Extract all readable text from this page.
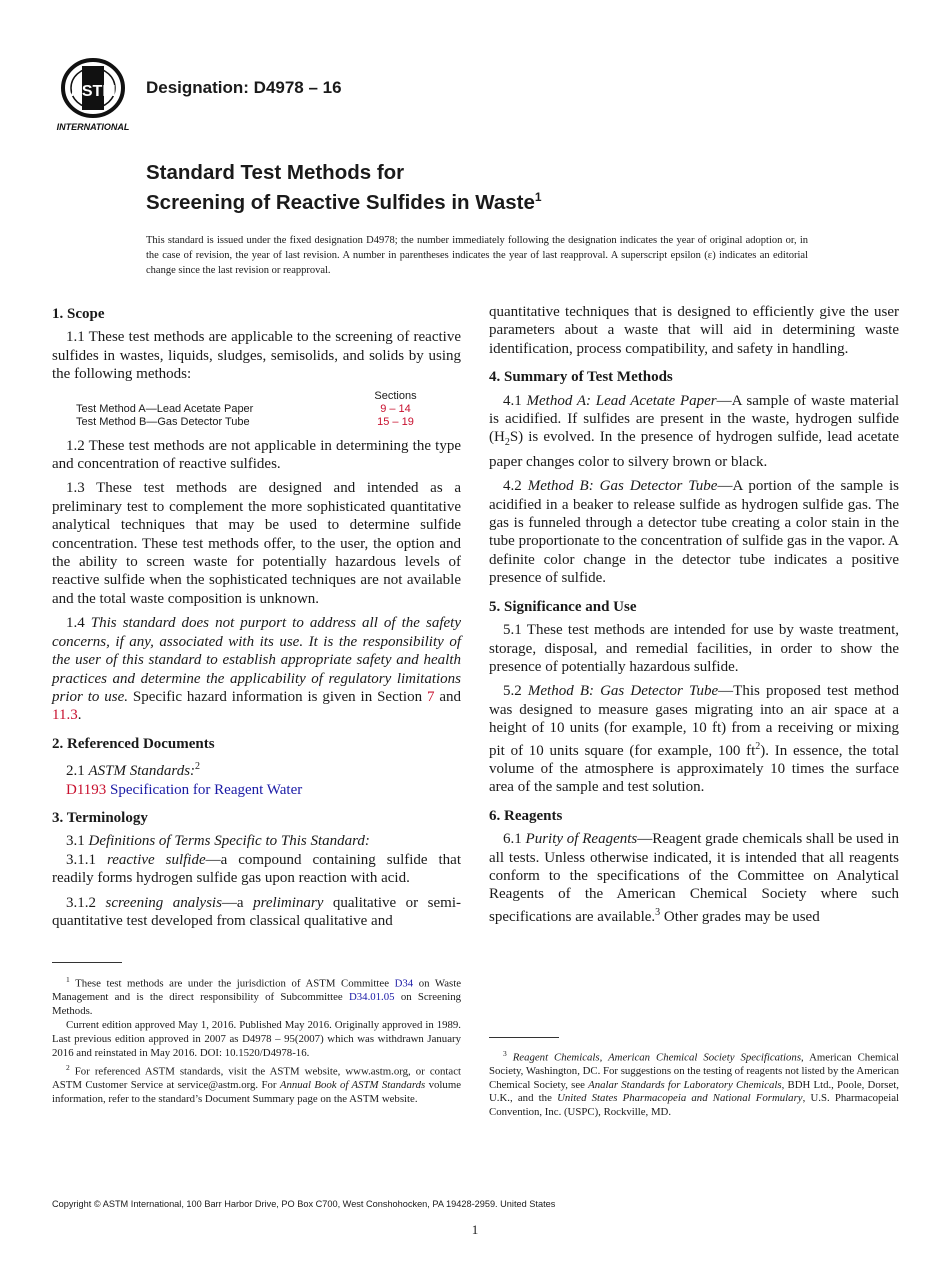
ASTM
INTERNATIONAL
Designation: D4978 – 16
Standard Test Methods for
Screening of Reactive Sulfides in Waste$^1$
This standard is issued under the fixed designation D4978; the number immediately following the designation indicates the year of original adoption or, in the case of revision, the year of last revision. A number in parentheses indicates the year of last reapproval. A superscript epsilon (ε) indicates an editorial change since the last revision or reapproval.
1. Scope

1.1 These test methods are applicable to the screening of reactive sulfides in wastes, liquids, sludges, semisolids, and solids by using the following methods:

Sections
Test Method A—Lead Acetate Paper	9 – 14
Test Method B—Gas Detector Tube	15 – 19

1.2 These test methods are not applicable in determining the type and concentration of reactive sulfides.

1.3 These test methods are designed and intended as a preliminary test to complement the more sophisticated quantitative analytical techniques that may be used to determine sulfide concentration. These test methods offer, to the user, the option and the ability to screen waste for potentially hazardous levels of reactive sulfide when the sophisticated techniques are not available and the total waste composition is unknown.

1.4 This standard does not purport to address all of the safety concerns, if any, associated with its use. It is the responsibility of the user of this standard to establish appropriate safety and health practices and determine the applicability of regulatory limitations prior to use. Specific hazard information is given in Section 7 and 11.3.

2. Referenced Documents

2.1 ASTM Standards:$^2$

D1193 Specification for Reagent Water

3. Terminology

3.1 Definitions of Terms Specific to This Standard:

3.1.1 reactive sulfide—a compound containing sulfide that readily forms hydrogen sulfide gas upon reaction with acid.

3.1.2 screening analysis—a preliminary qualitative or semi-quantitative test developed from classical qualitative and

$^1$ These test methods are under the jurisdiction of ASTM Committee D34 on Waste Management and is the direct responsibility of Subcommittee D34.01.05 on Screening Methods.

Current edition approved May 1, 2016. Published May 2016. Originally approved in 1989. Last previous edition approved in 2007 as D4978 – 95(2007) which was withdrawn January 2016 and reinstated in May 2016. DOI: 10.1520/D4978-16.

$^2$ For referenced ASTM standards, visit the ASTM website, www.astm.org, or contact ASTM Customer Service at service@astm.org. For Annual Book of ASTM Standards volume information, refer to the standard’s Document Summary page on the ASTM website.

quantitative techniques that is designed to efficiently give the user parameters about a waste that will aid in determining waste identification, process compatibility, and safety in handling.

4. Summary of Test Methods

4.1 Method A: Lead Acetate Paper—A sample of waste material is acidified. If sulfides are present in the waste, hydrogen sulfide $(H_2S)$ is evolved. In the presence of hydrogen sulfide, lead acetate paper changes color to silvery brown or black.

4.2 Method B: Gas Detector Tube—A portion of the sample is acidified in a beaker to release sulfide as hydrogen sulfide gas. The gas is funneled through a detector tube creating a color stain in the tube proportionate to the concentration of sulfide gas in the vapor. A definite color change in the detector tube indicates a positive presence of sulfide.

5. Significance and Use

5.1 These test methods are intended for use by waste treatment, storage, disposal, and remedial facilities, in order to show the presence of potentially hazardous sulfide.

5.2 Method B: Gas Detector Tube—This proposed test method was designed to measure gases migrating into an air space at a height of 10 units (for example, 10 ft) from a receiving or mixing pit of 10 units square (for example, 100 $ft^2$). In essence, the total volume of the atmosphere is approximately 10 times the surface area of the sample and test solution.

6. Reagents

6.1 Purity of Reagents—Reagent grade chemicals shall be used in all tests. Unless otherwise indicated, it is intended that all reagents conform to the specifications of the Committee on Analytical Reagents of the American Chemical Society where such specifications are available.$^3$ Other grades may be used

$^3$ Reagent Chemicals, American Chemical Society Specifications, American Chemical Society, Washington, DC. For suggestions on the testing of reagents not listed by the American Chemical Society, see Analar Standards for Laboratory Chemicals, BDH Ltd., Poole, Dorset, U.K., and the United States Pharmacopeia and National Formulary, U.S. Pharmacopeial Convention, Inc. (USPC), Rockville, MD.

Copyright © ASTM International, 100 Barr Harbor Drive, PO Box C700, West Conshohocken, PA 19428-2959. United States
1
